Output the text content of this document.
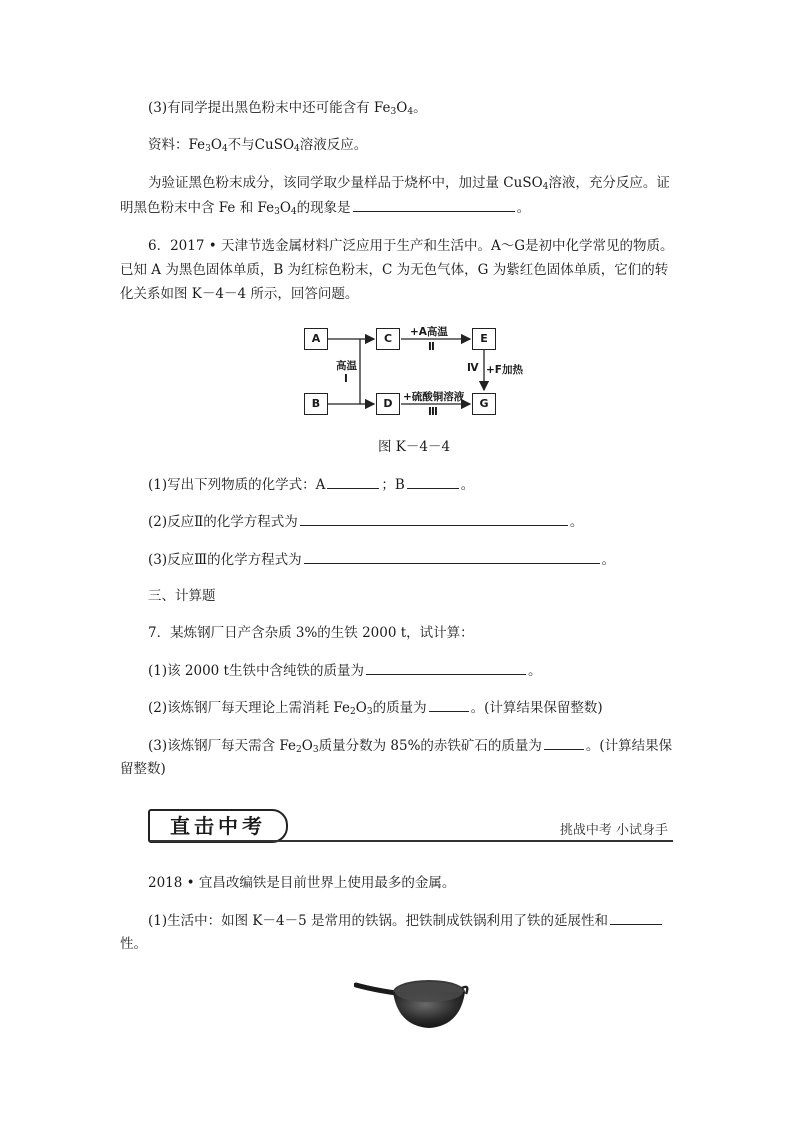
(3)有同学提出黑色粉末中还可能含有 $Fe_3O_4$。
资料：$Fe_3O_4$不与CuSO$_4$溶液反应。
为验证黑色粉末成分，该同学取少量样品于烧杯中，加过量 CuSO$_4$溶液，充分反应。证
明黑色粉末中含 Fe 和 $Fe_3O_4$的现象是	。
6．2017 • 天津节选金属材料广泛应用于生产和生活中。A～G是初中化学常见的物质。
已知 A 为黑色固体单质，B 为红棕色粉末，C 为无色气体，G 为紫红色固体单质，它们的转
化关系如图 K－4－4 所示，回答问题。
A
B
C
D
E
G
高温
Ⅰ
+A高温
Ⅱ
+F加热
Ⅳ
+硫酸铜溶液
Ⅲ
图 K－4－4
(1)写出下列物质的化学式：A	；B	。
(2)反应Ⅱ的化学方程式为	。
(3)反应Ⅲ的化学方程式为	。
三、计算题
7．某炼钢厂日产含杂质 3%的生铁 2000 t，试计算：
(1)该 2000 t生铁中含纯铁的质量为	。
(2)该炼钢厂每天理论上需消耗 $Fe_2O_3$的质量为	。(计算结果保留整数)
(3)该炼钢厂每天需含 $Fe_2O_3$质量分数为 85%的赤铁矿石的质量为	。(计算结果保
留整数)
直击中考	挑战中考 小试身手
2018 • 宜昌改编铁是目前世界上使用最多的金属。
(1)生活中：如图 K－4－5 是常用的铁锅。把铁制成铁锅利用了铁的延展性和
性。
